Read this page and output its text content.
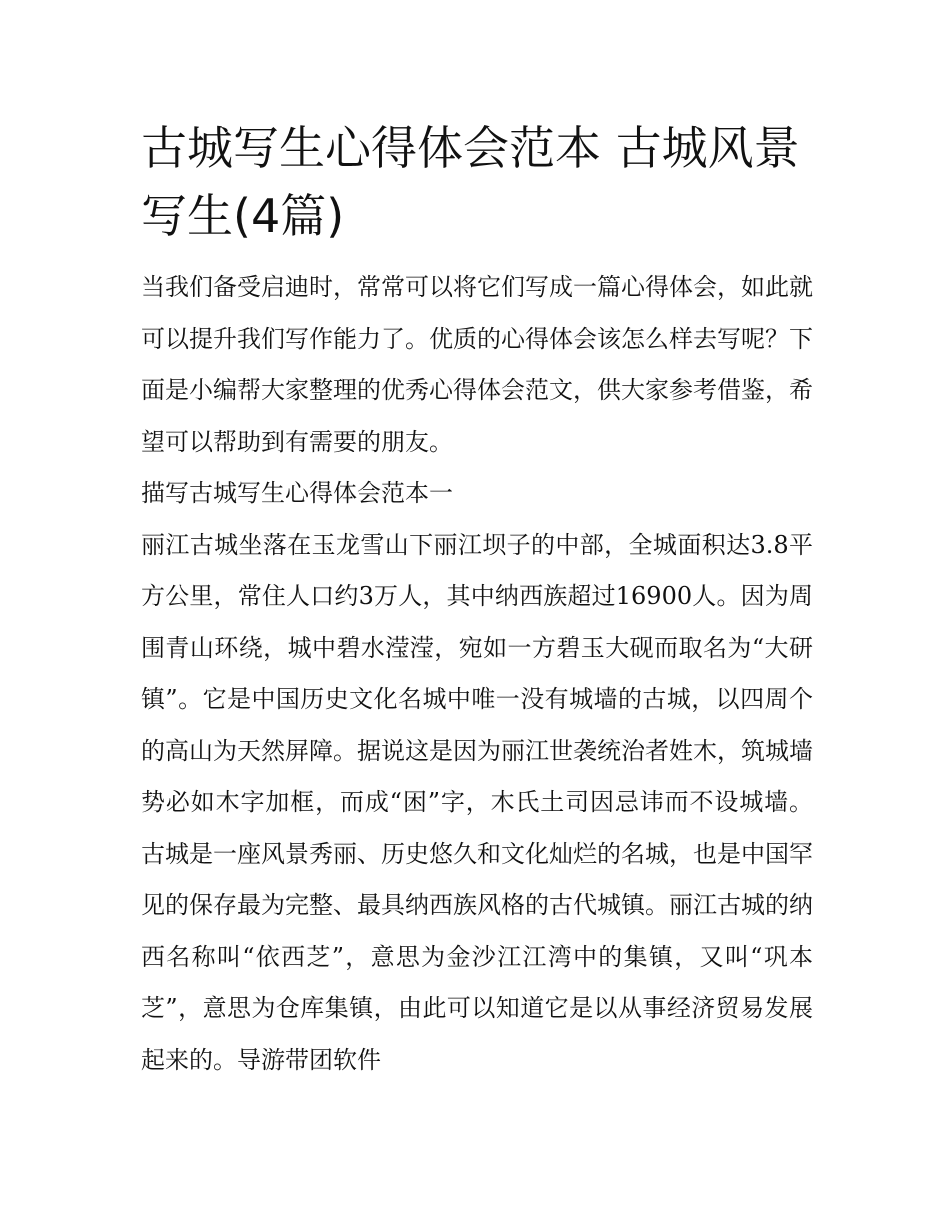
古城写生心得体会范本 古城风景写生(4篇)

当我们备受启迪时，常常可以将它们写成一篇心得体会，如此就可以提升我们写作能力了。优质的心得体会该怎么样去写呢？下面是小编帮大家整理的优秀心得体会范文，供大家参考借鉴，希望可以帮助到有需要的朋友。

描写古城写生心得体会范本一

丽江古城坐落在玉龙雪山下丽江坝子的中部，全城面积达3.8平方公里，常住人口约3万人，其中纳西族超过16900人。因为周围青山环绕，城中碧水滢滢，宛如一方碧玉大砚而取名为“大研镇”。它是中国历史文化名城中唯一没有城墙的古城，以四周个的高山为天然屏障。据说这是因为丽江世袭统治者姓木，筑城墙势必如木字加框，而成“困”字，木氏土司因忌讳而不设城墙。古城是一座风景秀丽、历史悠久和文化灿烂的名城，也是中国罕见的保存最为完整、最具纳西族风格的古代城镇。丽江古城的纳西名称叫“依西芝”，意思为金沙江江湾中的集镇，又叫“巩本芝”，意思为仓库集镇，由此可以知道它是以从事经济贸易发展起来的。导游带团软件
